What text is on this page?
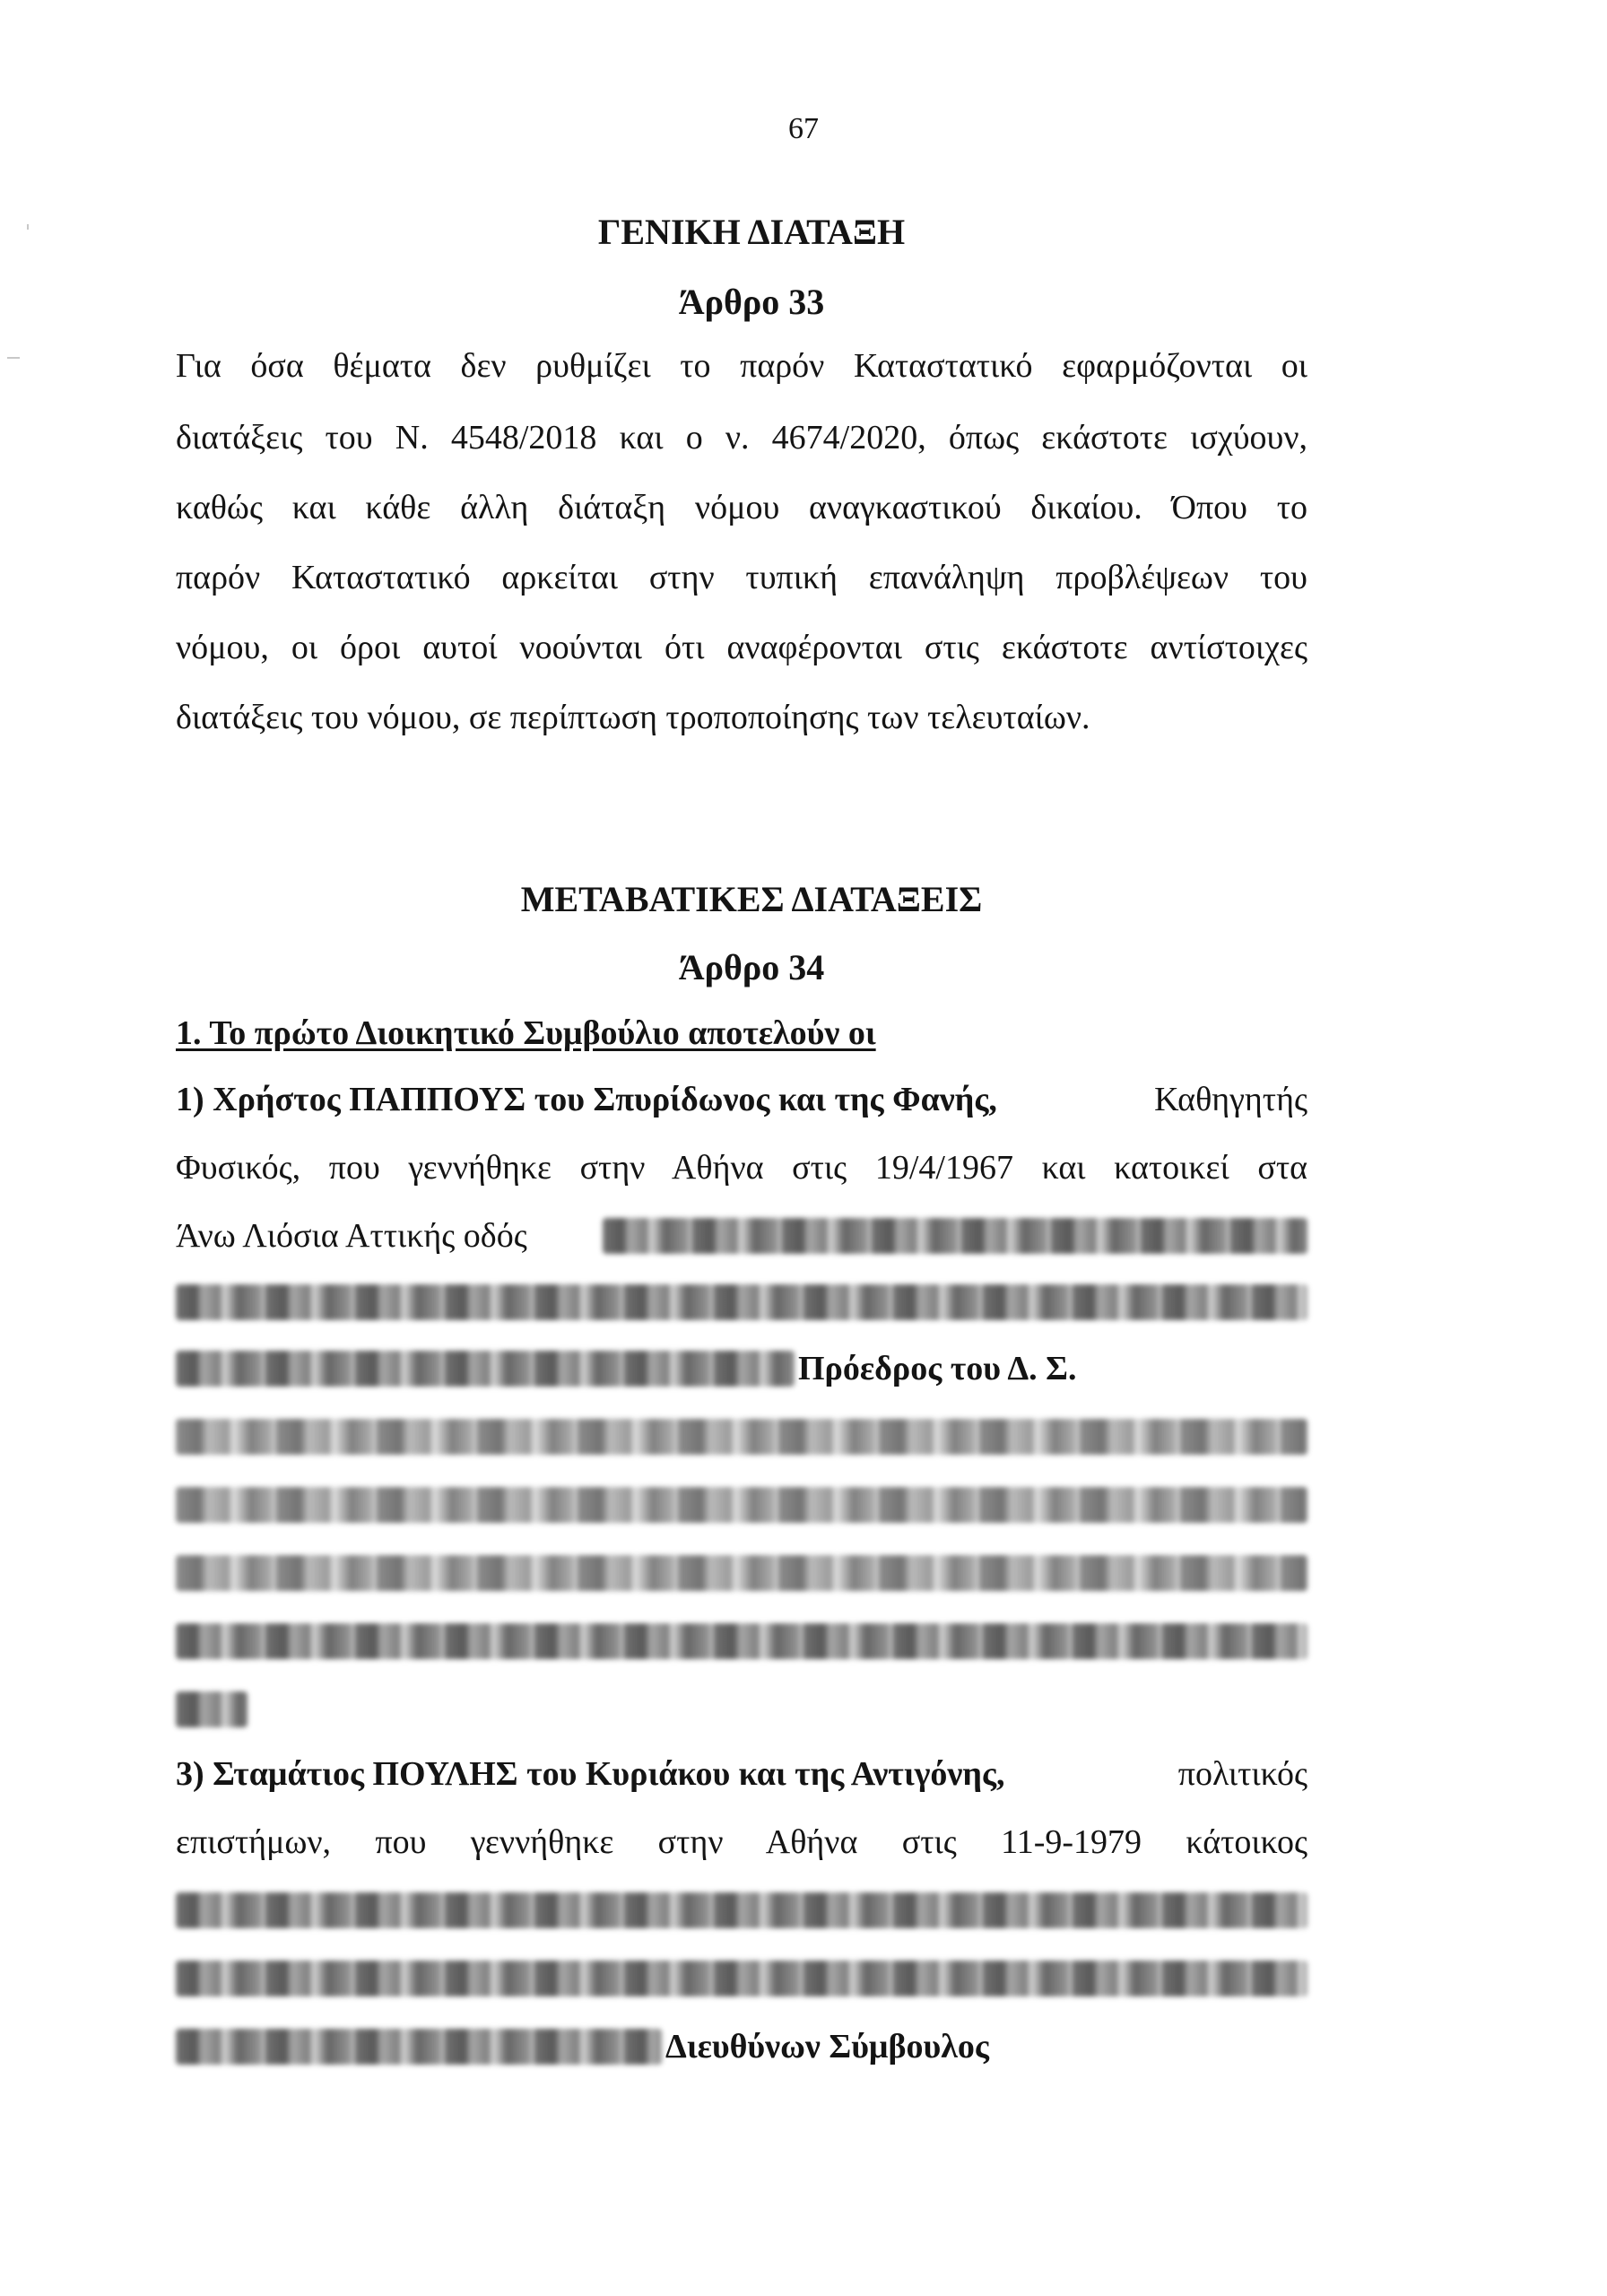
67
ΓΕΝΙΚΗ ΔΙΑΤΑΞΗ
Άρθρο 33
Για όσα θέματα δεν ρυθμίζει το παρόν Καταστατικό εφαρμόζονται οι
διατάξεις του Ν. 4548/2018 και ο ν. 4674/2020, όπως εκάστοτε ισχύουν,
καθώς και κάθε άλλη διάταξη νόμου αναγκαστικού δικαίου. Όπου το
παρόν Καταστατικό αρκείται στην τυπική επανάληψη προβλέψεων του
νόμου, οι όροι αυτοί νοούνται ότι αναφέρονται στις εκάστοτε αντίστοιχες
διατάξεις του νόμου, σε περίπτωση τροποποίησης των τελευταίων.
ΜΕΤΑΒΑΤΙΚΕΣ ΔΙΑΤΑΞΕΙΣ
Άρθρο 34
1. Το πρώτο Διοικητικό Συμβούλιο αποτελούν οι
1) Χρήστος ΠΑΠΠΟΥΣ του Σπυρίδωνος και της Φανής,	Καθηγητής
Φυσικός, που γεννήθηκε στην Αθήνα στις 19/4/1967 και κατοικεί στα
Άνω Λιόσια Αττικής οδός
Πρόεδρος του Δ. Σ.
3) Σταμάτιος ΠΟΥΛΗΣ του Κυριάκου και της Αντιγόνης,	πολιτικός
επιστήμων, που γεννήθηκε στην Αθήνα στις 11-9-1979 κάτοικος
Διευθύνων Σύμβουλος
